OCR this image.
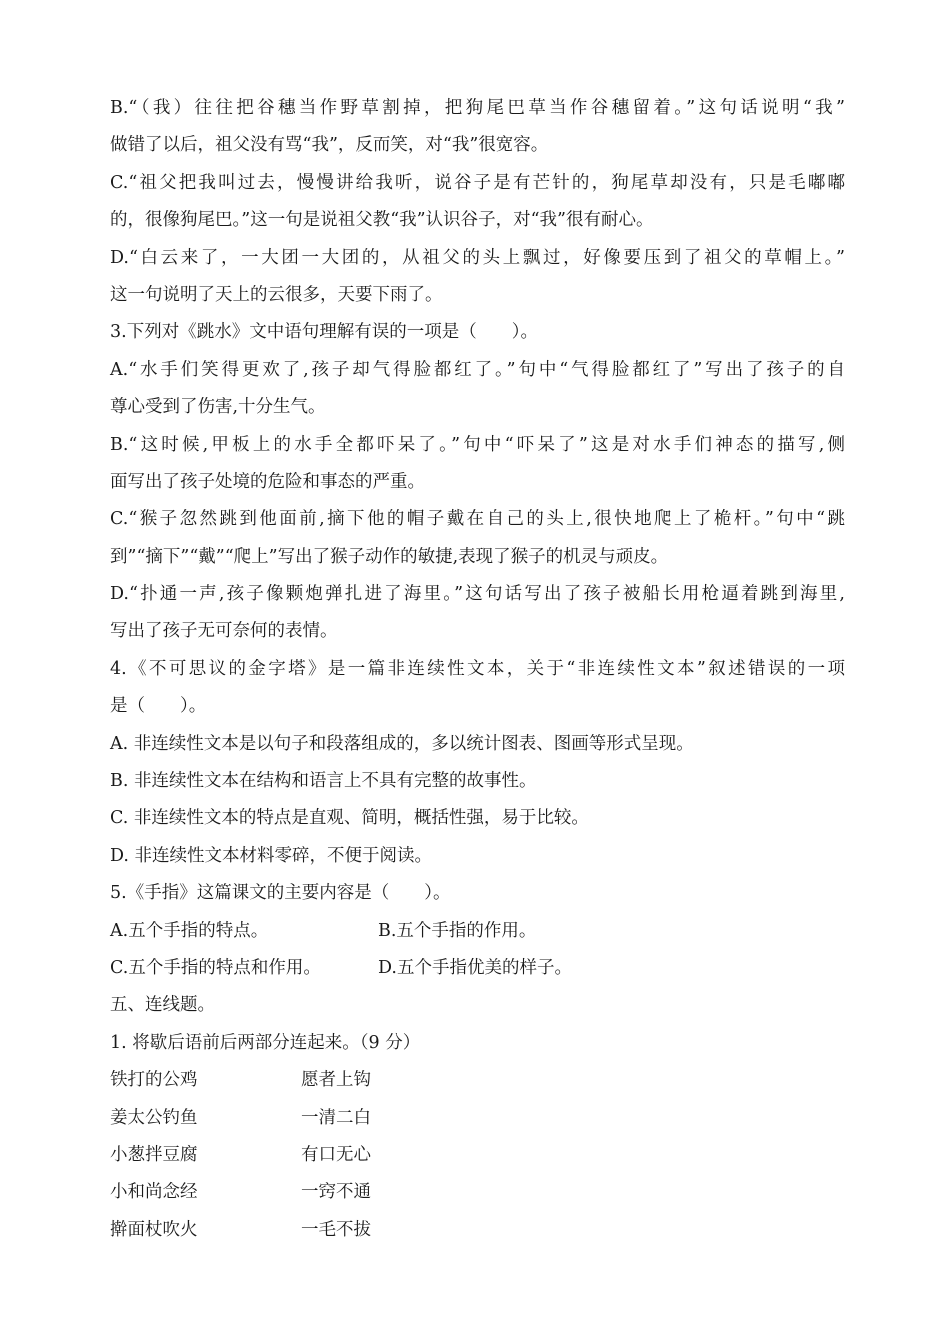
B.“（我）往往把谷穗当作野草割掉，把狗尾巴草当作谷穗留着。”这句话说明“我”
做错了以后，祖父没有骂“我”，反而笑，对“我”很宽容。
C.“祖父把我叫过去，慢慢讲给我听，说谷子是有芒针的，狗尾草却没有，只是毛嘟嘟
的，很像狗尾巴。”这一句是说祖父教“我”认识谷子，对“我”很有耐心。
D.“白云来了，一大团一大团的，从祖父的头上飘过，好像要压到了祖父的草帽上。”
这一句说明了天上的云很多，天要下雨了。
3.下列对《跳水》文中语句理解有误的一项是（　　）。
A.“水手们笑得更欢了,孩子却气得脸都红了。”句中“气得脸都红了”写出了孩子的自
尊心受到了伤害,十分生气。
B.“这时候,甲板上的水手全都吓呆了。”句中“吓呆了”这是对水手们神态的描写,侧
面写出了孩子处境的危险和事态的严重。
C.“猴子忽然跳到他面前,摘下他的帽子戴在自己的头上,很快地爬上了桅杆。”句中“跳
到”“摘下”“戴”“爬上”写出了猴子动作的敏捷,表现了猴子的机灵与顽皮。
D.“扑通一声,孩子像颗炮弹扎进了海里。”这句话写出了孩子被船长用枪逼着跳到海里,
写出了孩子无可奈何的表情。
4.《不可思议的金字塔》是一篇非连续性文本，关于“非连续性文本”叙述错误的一项
是（　　）。
A. 非连续性文本是以句子和段落组成的，多以统计图表、图画等形式呈现。
B. 非连续性文本在结构和语言上不具有完整的故事性。
C. 非连续性文本的特点是直观、简明，概括性强，易于比较。
D. 非连续性文本材料零碎，不便于阅读。
5.《手指》这篇课文的主要内容是（　　）。
A.五个手指的特点。	B.五个手指的作用。
C.五个手指的特点和作用。	D.五个手指优美的样子。
五、连线题。
1. 将歇后语前后两部分连起来。（9 分）
铁打的公鸡	愿者上钩
姜太公钓鱼	一清二白
小葱拌豆腐	有口无心
小和尚念经	一窍不通
擀面杖吹火	一毛不拔
